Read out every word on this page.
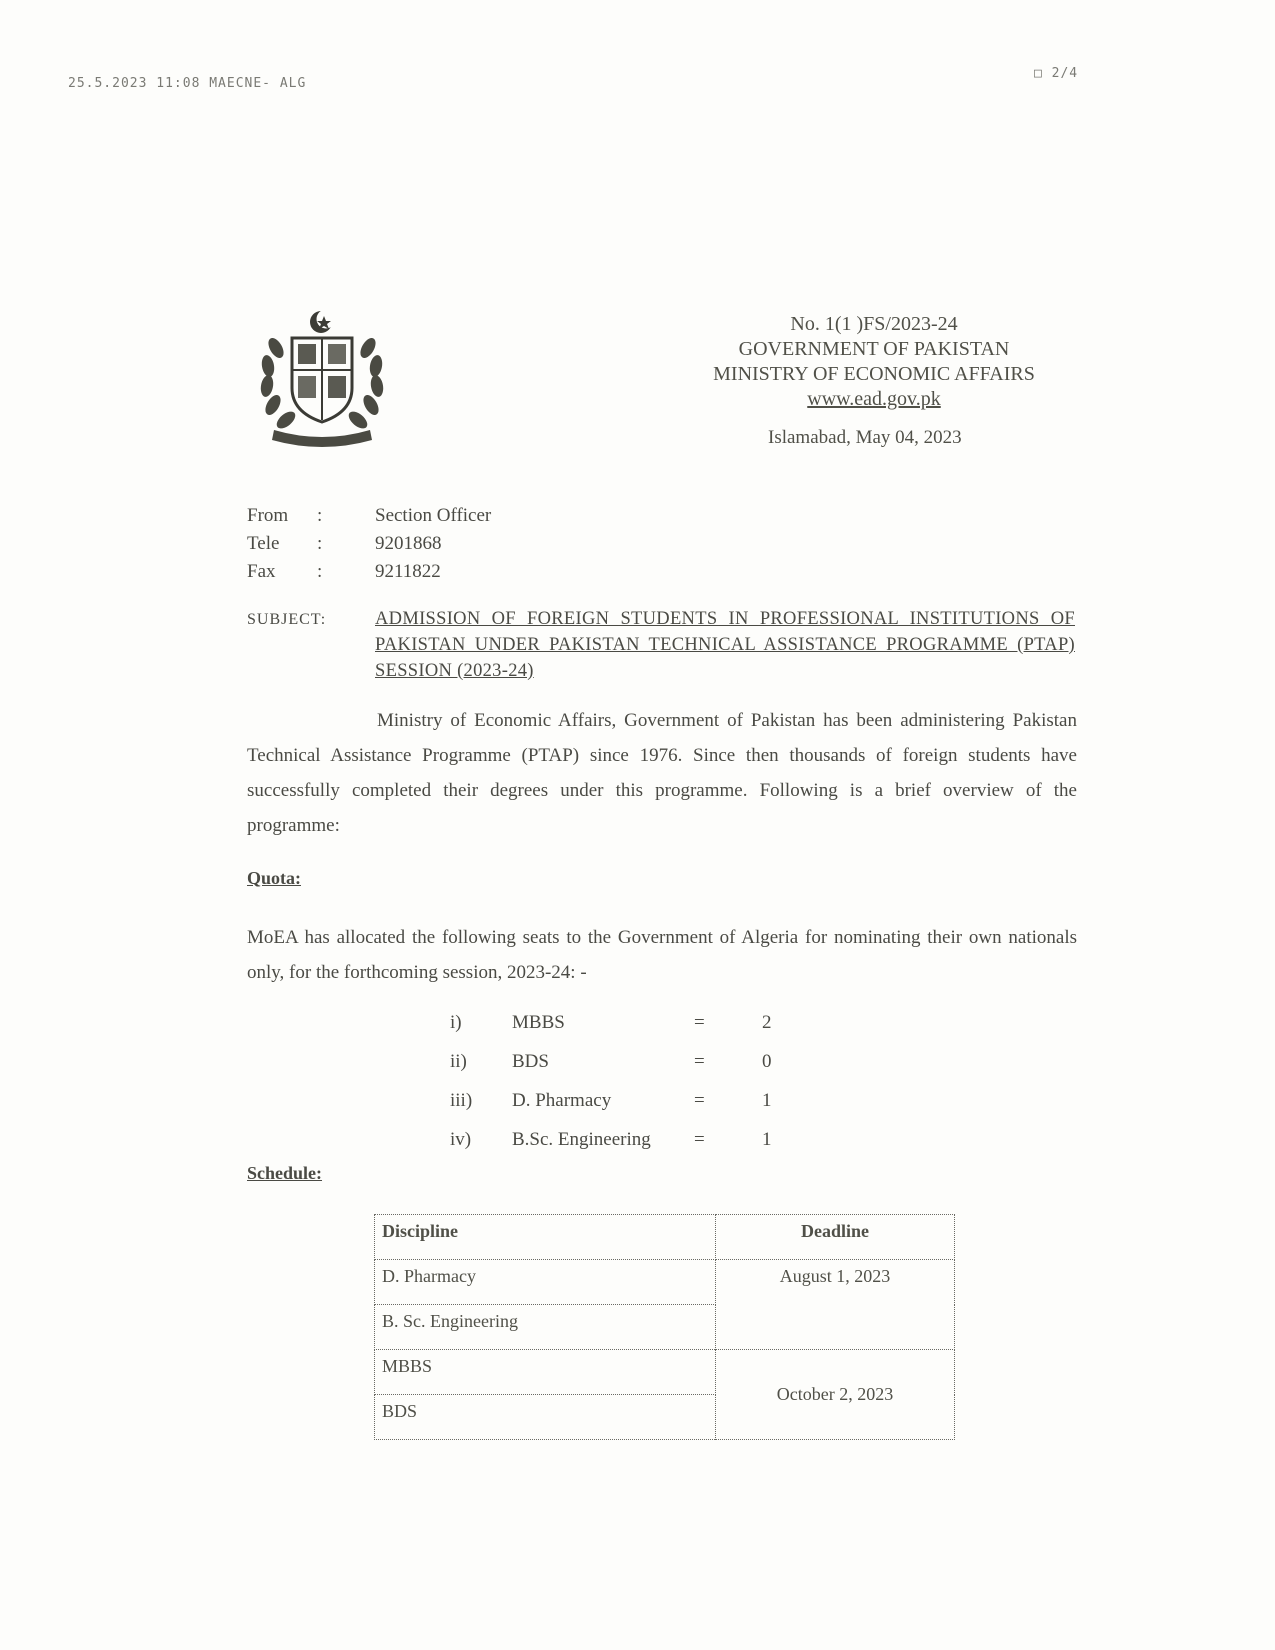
25.5.2023 11:08 MAECNE- ALG
□ 2/4
No. 1(1 )FS/2023-24
GOVERNMENT OF PAKISTAN
MINISTRY OF ECONOMIC AFFAIRS
www.ead.gov.pk
Islamabad, May 04, 2023
From	:	Section Officer
Tele	:	9201868
Fax	:	9211822
SUBJECT:	ADMISSION OF FOREIGN STUDENTS IN PROFESSIONAL INSTITUTIONS OF PAKISTAN UNDER PAKISTAN TECHNICAL ASSISTANCE PROGRAMME (PTAP) SESSION (2023-24)
Ministry of Economic Affairs, Government of Pakistan has been administering Pakistan Technical Assistance Programme (PTAP) since 1976. Since then thousands of foreign students have successfully completed their degrees under this programme. Following is a brief overview of the programme:
Quota:
MoEA has allocated the following seats to the Government of Algeria for nominating their own nationals only, for the forthcoming session, 2023-24: -
i)	MBBS	=	2
ii)	BDS	=	0
iii)	D. Pharmacy	=	1
iv)	B.Sc. Engineering	=	1
Schedule:
Discipline	Deadline
D. Pharmacy	August 1, 2023
B. Sc. Engineering	
MBBS	October 2, 2023
BDS	
